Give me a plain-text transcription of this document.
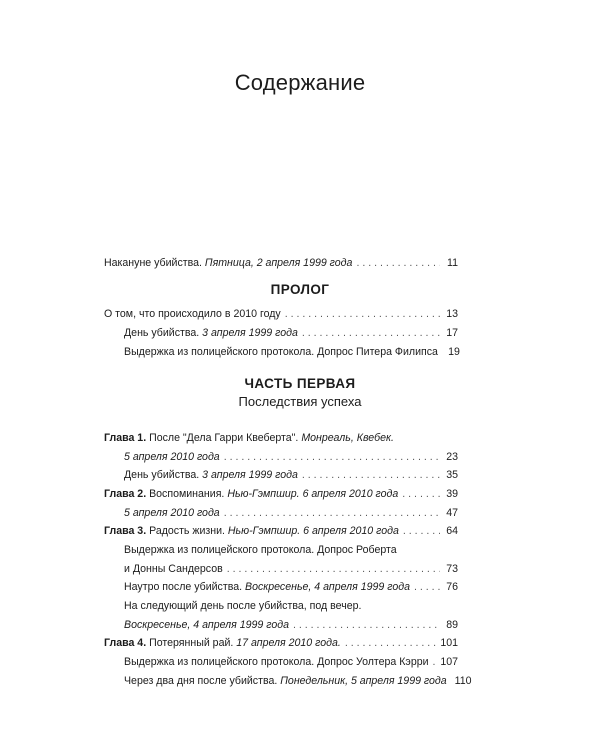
Содержание
Накануне убийства. Пятница, 2 апреля 1999 года . . .	11
ПРОЛОГ
О том, что происходило в 2010 году . . .	13
День убийства. 3 апреля 1999 года . . .	17
Выдержка из полицейского протокола. Допрос Питера Филипса 19
ЧАСТЬ ПЕРВАЯ
Последствия успеха
Глава 1. После "Дела Гарри Квеберта". Монреаль, Квебек.
5 апреля 2010 года . . .	23
День убийства. 3 апреля 1999 года . . .	35
Глава 2. Воспоминания. Нью-Гэмпшир. 6 апреля 2010 года . . .	39
5 апреля 2010 года . . .	47
Глава 3. Радость жизни. Нью-Гэмпшир. 6 апреля 2010 года . . .	64
Выдержка из полицейского протокола. Допрос Роберта
и Донны Сандерсов . . .	73
Наутро после убийства. Воскресенье, 4 апреля 1999 года . . .	76
На следующий день после убийства, под вечер.
Воскресенье, 4 апреля 1999 года . . .	89
Глава 4. Потерянный рай. 17 апреля 2010 года. . . .	101
Выдержка из полицейского протокола. Допрос Уолтера Кэрри . . . 107
Через два дня после убийства. Понедельник, 5 апреля 1999 года 110
